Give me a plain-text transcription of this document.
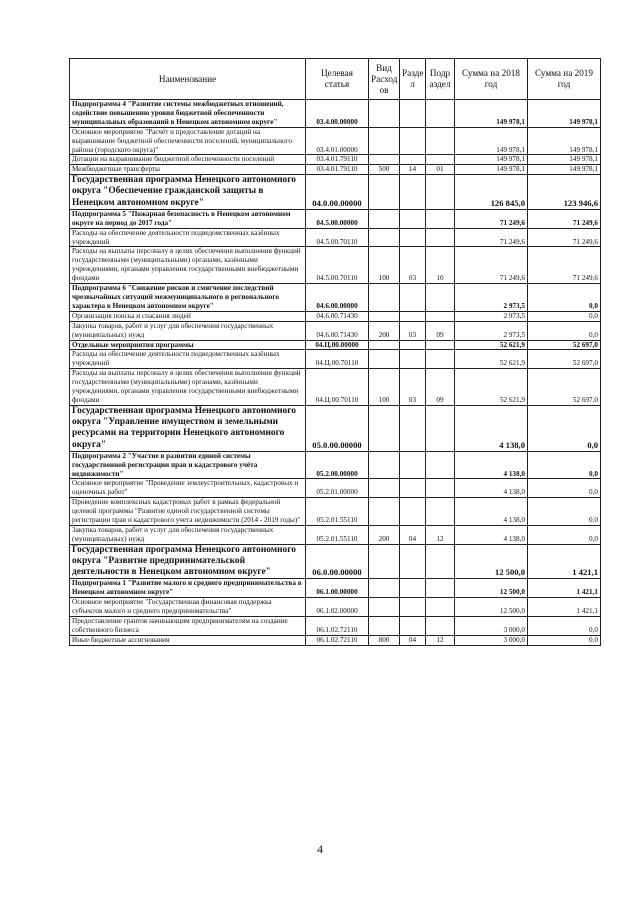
Наименование	Целевая статья	Вид Расход ов	Разде л	Подр аздел	Сумма на 2018 год	Сумма на 2019 год
Подпрограмма 4 "Развитие системы межбюджетных отношений, содействие повышению уровня бюджетной обеспеченности муниципальных образований в Ненецком автономном округе"	03.4.00.00000				149 978,1	149 978,1
Основное мероприятие "Расчёт и предоставление дотаций на выравнивание бюджетной обеспеченности поселений, муниципального района (городского округа)"	03.4.01.00000				149 978,1	149 978,1
Дотации на выравнивание бюджетной обеспеченности поселений	03.4.01.79110				149 978,1	149 978,1
Межбюджетные трансферты	03.4.01.79110	500	14	01	149 978,1	149 978,1
Государственная программа Ненецкого автономного округа "Обеспечение гражданской защиты в Ненецком автономном округе"	04.0.00.00000				126 845,0	123 946,6
Подпрограмма 5 "Пожарная безопасность в Ненецком автономном округе на период до 2017 года"	04.5.00.00000				71 249,6	71 249,6
Расходы на обеспечение деятельности подведомственных казённых учреждений	04.5.00.70110				71 249,6	71 249,6
Расходы на выплаты персоналу в целях обеспечения выполнения функций государственными (муниципальными) органами, казёнными учреждениями, органами управления государственными внебюджетными фондами	04.5.00.70110	100	03	10	71 249,6	71 249,6
Подпрограмма 6 "Снижение рисков и смягчение последствий чрезвычайных ситуаций межмуниципального и регионального характера в Ненецком автономном округе"	04.6.00.00000				2 973,5	0,0
Организация поиска и спасания людей	04.6.00.71430				2 973,5	0,0
Закупка товаров, работ и услуг для обеспечения государственных (муниципальных) нужд	04.6.00.71430	200	03	09	2 973,5	0,0
Отдельные мероприятия программы	04.Ц.00.00000				52 621,9	52 697,0
Расходы на обеспечение деятельности подведомственных казённых учреждений	04.Ц.00.70110				52 621,9	52 697,0
Расходы на выплаты персоналу в целях обеспечения выполнения функций государственными (муниципальными) органами, казёнными учреждениями, органами управления государственными внебюджетными фондами	04.Ц.00.70110	100	03	09	52 621,9	52 697,0
Государственная программа Ненецкого автономного округа "Управление имуществом и земельными ресурсами на территории Ненецкого автономного округа"	05.0.00.00000				4 138,0	0,0
Подпрограмма 2 "Участие в развитии единой системы государственной регистрации прав и кадастрового учёта недвижимости"	05.2.00.00000				4 138,0	0,0
Основное мероприятие "Проведение землеустроительных, кадастровых и оценочных работ"	05.2.01.00000				4 138,0	0,0
Проведение комплексных кадастровых работ в рамках федеральной целевой программы "Развитие единой государственной системы регистрации прав и кадастрового учета недвижимости (2014 - 2019 годы)"	05.2.01.55110				4 138,0	0,0
Закупка товаров, работ и услуг для обеспечения государственных (муниципальных) нужд	05.2.01.55110	200	04	12	4 138,0	0,0
Государственная программа Ненецкого автономного округа "Развитие предпринимательской деятельности в Ненецком автономном округе"	06.0.00.00000				12 500,0	1 421,1
Подпрограмма 1 "Развитие малого и среднего предпринимательства в Ненецком автономном округе"	06.1.00.00000				12 500,0	1 421,1
Основное мероприятие "Государственная финансовая поддержка субъектов малого и среднего предпринимательства"	06.1.02.00000				12 500,0	1 421,1
Предоставление грантов начинающим предпринимателям на создание собственного бизнеса	06.1.02.72110				3 000,0	0,0
Иные бюджетные ассигнования	06.1.02.72110	800	04	12	3 000,0	0,0
4
